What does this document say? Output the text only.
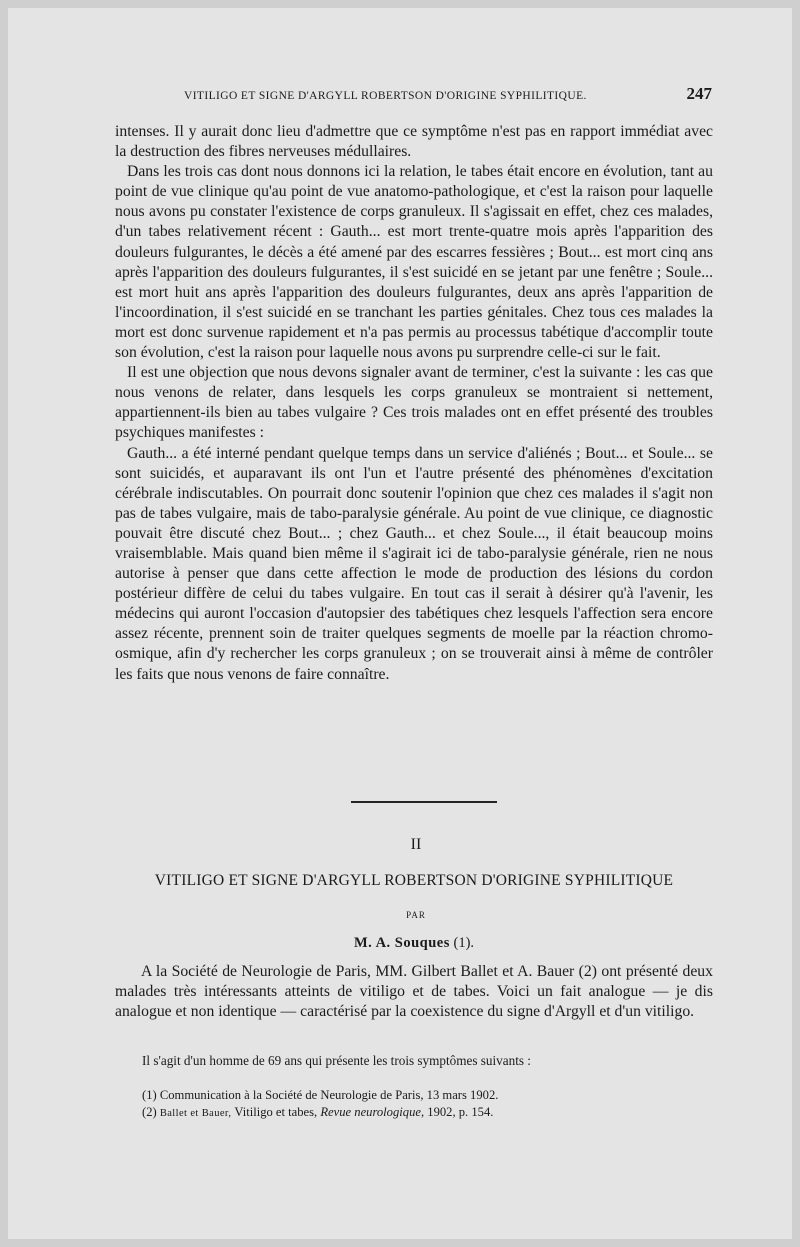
VITILIGO ET SIGNE D'ARGYLL ROBERTSON D'ORIGINE SYPHILITIQUE.	247

intenses. Il y aurait donc lieu d'admettre que ce symptôme n'est pas en rapport immédiat avec la destruction des fibres nerveuses médullaires.

Dans les trois cas dont nous donnons ici la relation, le tabes était encore en évolution, tant au point de vue clinique qu'au point de vue anatomo-pathologique, et c'est la raison pour laquelle nous avons pu constater l'existence de corps granuleux. Il s'agissait en effet, chez ces malades, d'un tabes relativement récent : Gauth... est mort trente-quatre mois après l'apparition des douleurs fulgurantes, le décès a été amené par des escarres fessières ; Bout... est mort cinq ans après l'apparition des douleurs fulgurantes, il s'est suicidé en se jetant par une fenêtre ; Soule... est mort huit ans après l'apparition des douleurs fulgurantes, deux ans après l'apparition de l'incoordination, il s'est suicidé en se tranchant les parties génitales. Chez tous ces malades la mort est donc survenue rapidement et n'a pas permis au processus tabétique d'accomplir toute son évolution, c'est la raison pour laquelle nous avons pu surprendre celle-ci sur le fait.

Il est une objection que nous devons signaler avant de terminer, c'est la suivante : les cas que nous venons de relater, dans lesquels les corps granuleux se montraient si nettement, appartiennent-ils bien au tabes vulgaire ? Ces trois malades ont en effet présenté des troubles psychiques manifestes :

Gauth... a été interné pendant quelque temps dans un service d'aliénés ; Bout... et Soule... se sont suicidés, et auparavant ils ont l'un et l'autre présenté des phénomènes d'excitation cérébrale indiscutables. On pourrait donc soutenir l'opinion que chez ces malades il s'agit non pas de tabes vulgaire, mais de tabo-paralysie générale. Au point de vue clinique, ce diagnostic pouvait être discuté chez Bout... ; chez Gauth... et chez Soule..., il était beaucoup moins vraisemblable. Mais quand bien même il s'agirait ici de tabo-paralysie générale, rien ne nous autorise à penser que dans cette affection le mode de production des lésions du cordon postérieur diffère de celui du tabes vulgaire. En tout cas il serait à désirer qu'à l'avenir, les médecins qui auront l'occasion d'autopsier des tabétiques chez lesquels l'affection sera encore assez récente, prennent soin de traiter quelques segments de moelle par la réaction chromo-osmique, afin d'y rechercher les corps granuleux ; on se trouverait ainsi à même de contrôler les faits que nous venons de faire connaître.

II
VITILIGO ET SIGNE D'ARGYLL ROBERTSON D'ORIGINE SYPHILITIQUE
PAR
M. A. Souques (1).

A la Société de Neurologie de Paris, MM. Gilbert Ballet et A. Bauer (2) ont présenté deux malades très intéressants atteints de vitiligo et de tabes. Voici un fait analogue — je dis analogue et non identique — caractérisé par la coexistence du signe d'Argyll et d'un vitiligo.

Il s'agit d'un homme de 69 ans qui présente les trois symptômes suivants :
(1) Communication à la Société de Neurologie de Paris, 13 mars 1902.
(2) Ballet et Bauer, Vitiligo et tabes, Revue neurologique, 1902, p. 154.
